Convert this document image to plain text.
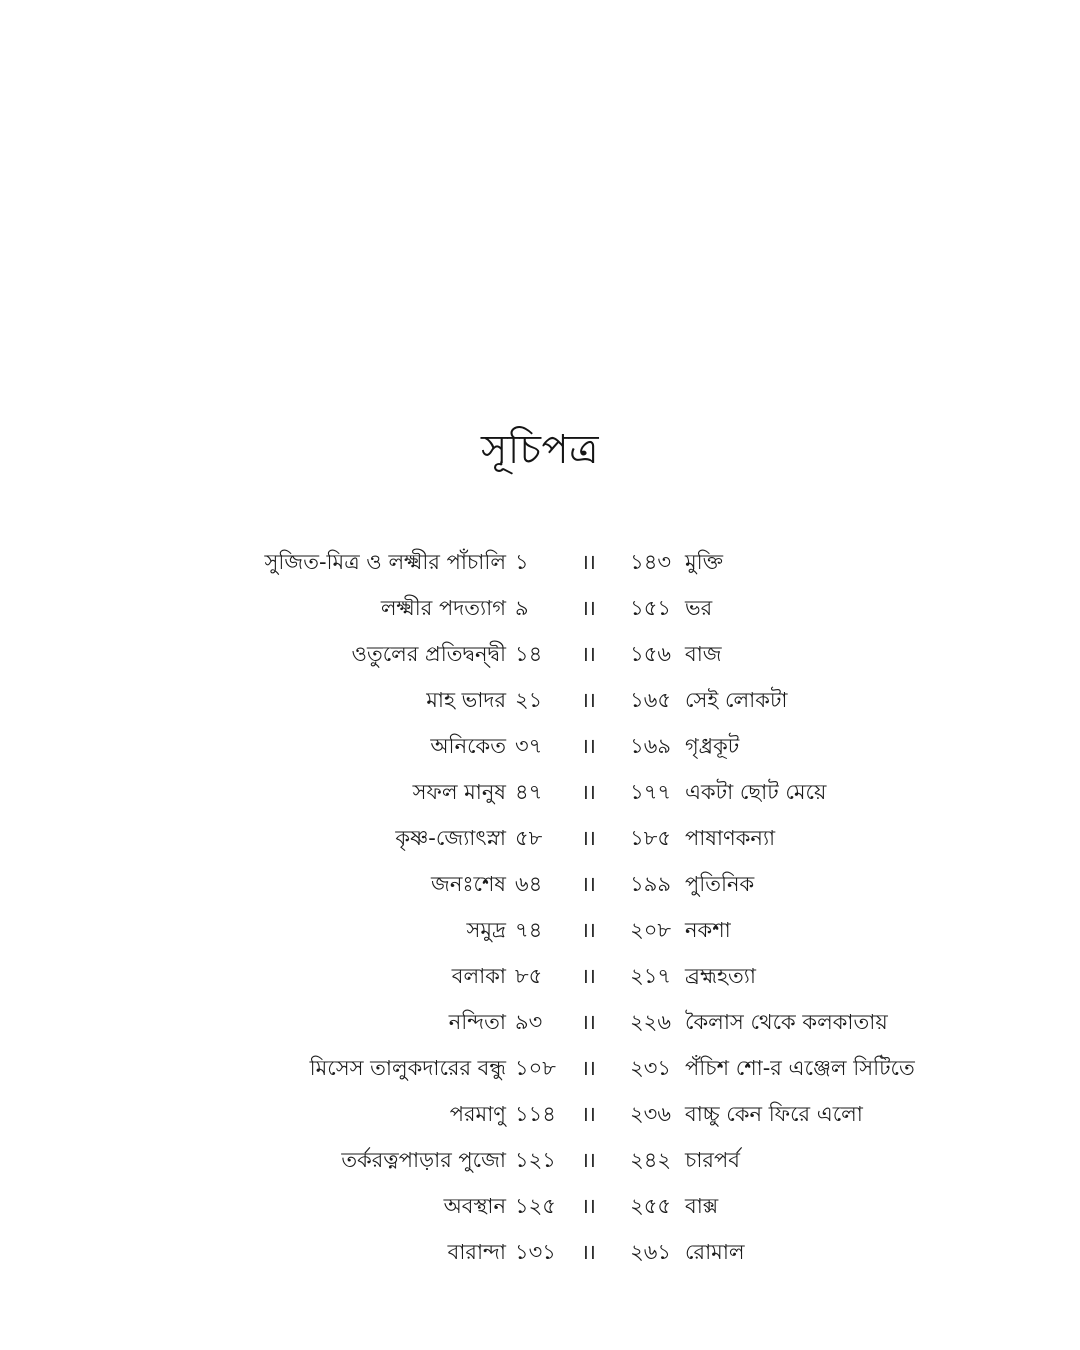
সূচিপত্র
	সুজিত-মিত্র ও লক্ষ্মীর পাঁচালি	১	।।	১৪৩	মুক্তি	
	লক্ষ্মীর পদত্যাগ	৯	।।	১৫১	ভর	
	ওতুলের প্রতিদ্বন্দ্বী	১৪	।।	১৫৬	বাজ	
	মাহ ভাদর	২১	।।	১৬৫	সেই লোকটা	
	অনিকেত	৩৭	।।	১৬৯	গৃধ্রকূট	
	সফল মানুষ	৪৭	।।	১৭৭	একটা ছোট মেয়ে	
	কৃষ্ণ-জ্যোৎস্না	৫৮	।।	১৮৫	পাষাণকন্যা	
	জনঃশেষ	৬৪	।।	১৯৯	পুতিনিক	
	সমুদ্র	৭৪	।।	২০৮	নকশা	
	বলাকা	৮৫	।।	২১৭	ব্রহ্মহত্যা	
	নন্দিতা	৯৩	।।	২২৬	কৈলাস থেকে কলকাতায়	
	মিসেস তালুকদারের বন্ধু	১০৮	।।	২৩১	পঁচিশ শো-র এঞ্জেল সিটিতে	
	পরমাণু	১১৪	।।	২৩৬	বাচ্চু কেন ফিরে এলো	
	তর্করত্নপাড়ার পুজো	১২১	।।	২৪২	চারপর্ব	
	অবস্থান	১২৫	।।	২৫৫	বাক্স	
	বারান্দা	১৩১	।।	২৬১	রোমাল	
